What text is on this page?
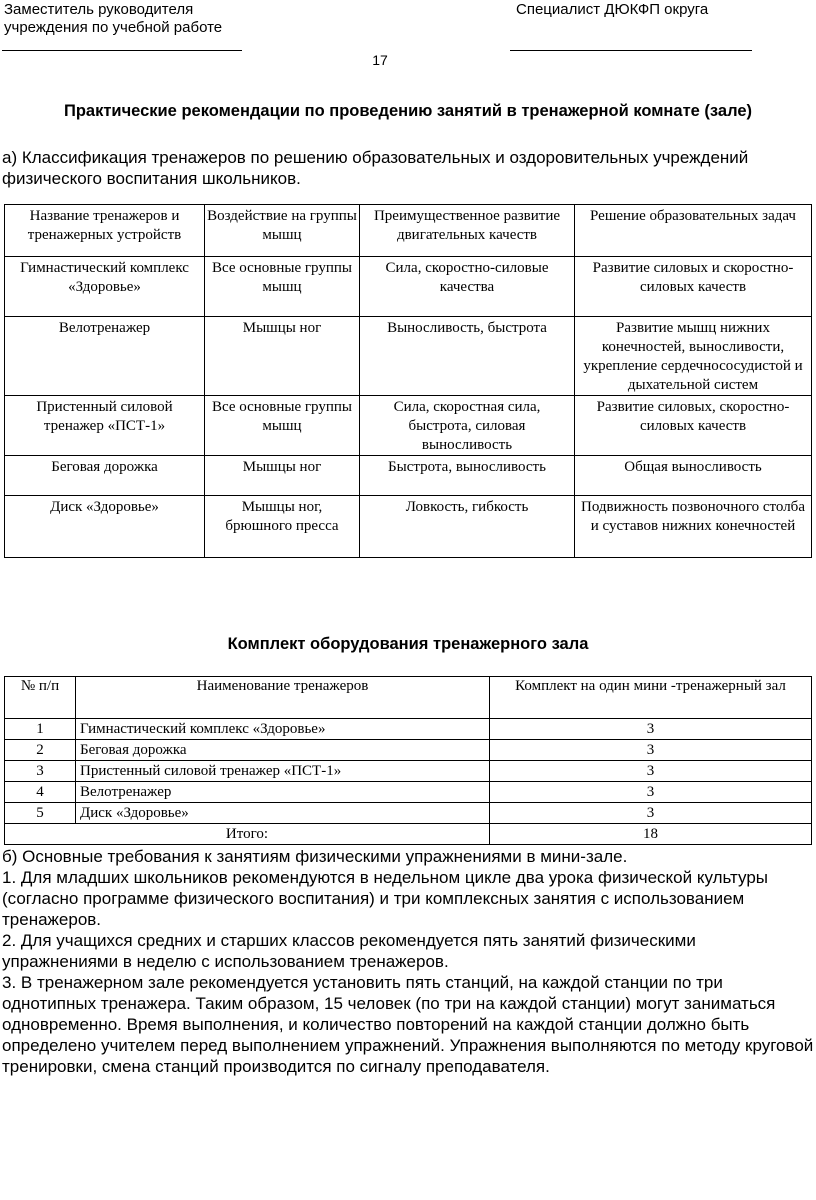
Заместитель руководителя
учреждения по учебной работе
Специалист ДЮКФП округа
17
Практические рекомендации по проведению занятий в тренажерной комнате (зале)
а) Классификация тренажеров по решению образовательных и оздоровительных учреждений физического воспитания школьников.
Название тренажеров и тренажерных устройств	Воздействие на группы мышц	Преимущественное развитие двигательных качеств	Решение образовательных задач
Гимнастический комплекс «Здоровье»	Все основные группы мышц	Сила, скоростно-силовые качества	Развитие силовых и скоростно-силовых качеств
Велотренажер	Мышцы ног	Выносливость, быстрота	Развитие мышц нижних конечностей, выносливости, укрепление сердечнососудистой и дыхательной систем
Пристенный силовой тренажер «ПСТ-1»	Все основные группы мышц	Сила, скоростная сила, быстрота, силовая выносливость	Развитие силовых, скоростно-силовых качеств
Беговая дорожка	Мышцы ног	Быстрота, выносливость	Общая выносливость
Диск «Здоровье»	Мышцы ног, брюшного пресса	Ловкость, гибкость	Подвижность позвоночного столба и суставов нижних конечностей
Комплект оборудования тренажерного зала
№ п/п	Наименование тренажеров	Комплект на один мини -тренажерный зал
1	Гимнастический комплекс «Здоровье»	3
2	Беговая дорожка	3
3	Пристенный силовой тренажер «ПСТ-1»	3
4	Велотренажер	3
5	Диск «Здоровье»	3
Итого:		18

б) Основные требования к занятиям физическими упражнениями в мини-зале.

1. Для младших школьников рекомендуются в недельном цикле два урока физической культуры (согласно программе физического воспитания) и три комплексных занятия с использованием тренажеров.

2. Для учащихся средних и старших классов рекомендуется пять занятий физическими упражнениями в неделю с использованием тренажеров.

3. В тренажерном зале рекомендуется установить пять станций, на каждой станции по три однотипных тренажера. Таким образом, 15 человек (по три на каждой станции) могут заниматься одновременно. Время выполнения, и количество повторений на каждой станции должно быть определено учителем перед выполнением упражнений. Упражнения выполняются по методу круговой тренировки, смена станций производится по сигналу преподавателя.
